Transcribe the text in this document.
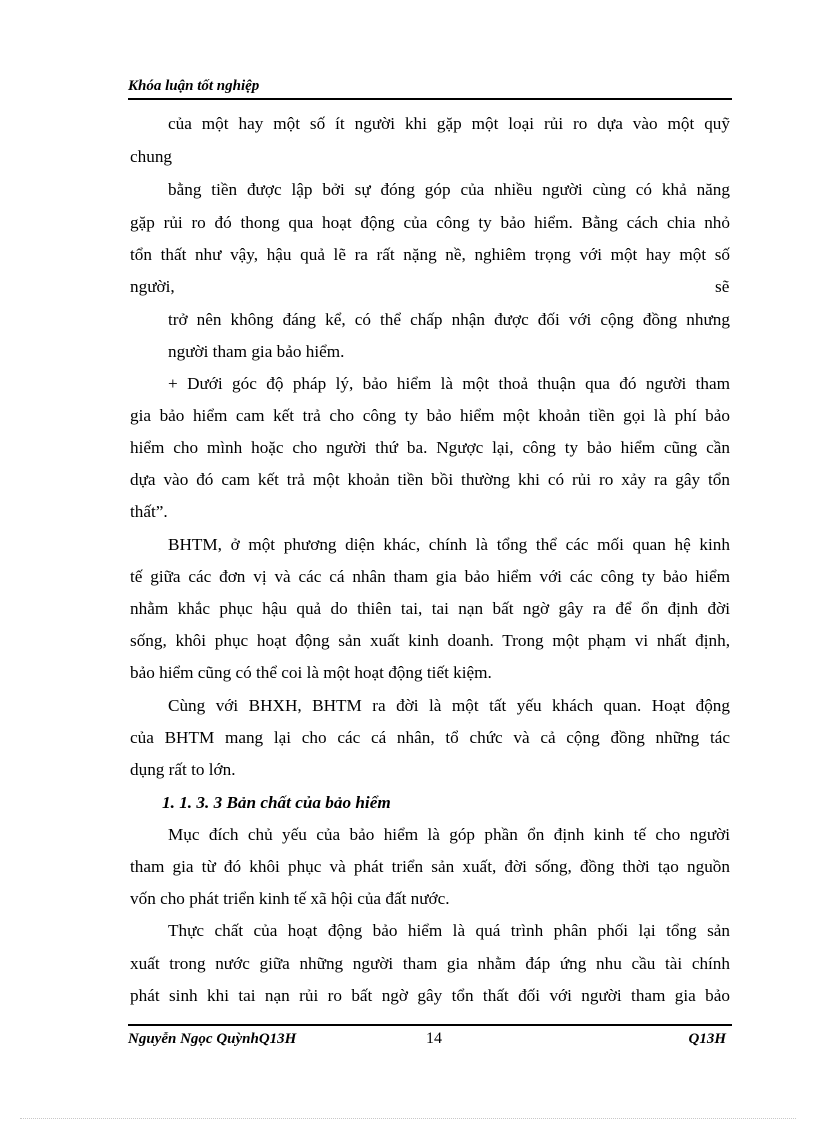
Khóa luận tốt nghiệp
của một hay một số ít người khi gặp một loại rủi ro dựa vào một quỹ
chung
bằng tiền được lập bởi sự đóng góp của nhiều người cùng có khả năng
gặp rủi ro đó thong qua hoạt động của công ty bảo hiểm. Bằng cách chia nhỏ
tổn thất như vậy, hậu quả lẽ ra rất nặng nề, nghiêm trọng với một hay một số
người,	sẽ
trở nên không đáng kể, có thể chấp nhận được đối với cộng đồng nhưng
người tham gia bảo hiểm.
+ Dưới góc độ pháp lý, bảo hiểm là một thoả thuận qua đó người tham
gia bảo hiểm cam kết trả cho công ty bảo hiểm một khoản tiền gọi là phí bảo
hiểm cho mình hoặc cho người thứ ba. Ngược lại, công ty bảo hiểm cũng cần
dựa vào đó cam kết trả một khoản tiền bồi thường khi có rủi ro xảy ra gây tổn
thất”.
BHTM, ở một phương diện khác, chính là tổng thể các mối quan hệ kinh
tế giữa các đơn vị và các cá nhân tham gia bảo hiểm với các công ty bảo hiểm
nhằm khắc phục hậu quả do thiên tai, tai nạn bất ngờ gây ra để ổn định đời
sống, khôi phục hoạt động sản xuất kinh doanh. Trong một phạm vi nhất định,
bảo hiểm cũng có thể coi là một hoạt động tiết kiệm.
Cùng với BHXH, BHTM ra đời là một tất yếu khách quan. Hoạt động
của BHTM mang lại cho các cá nhân, tổ chức và cả cộng đồng những tác
dụng rất to lớn.
1. 1. 3. 3 Bản chất của bảo hiểm
Mục đích chủ yếu của bảo hiểm là góp phần ổn định kinh tế cho người
tham gia từ đó khôi phục và phát triển sản xuất, đời sống, đồng thời tạo nguồn
vốn cho phát triển kinh tế xã hội của đất nước.
Thực chất của hoạt động bảo hiểm là quá trình phân phối lại tổng sản
xuất trong nước giữa những người tham gia nhằm đáp ứng nhu cầu tài chính
phát sinh khi tai nạn rủi ro bất ngờ gây tổn thất đối với người tham gia bảo
Nguyễn Ngọc QuỳnhQ13H	14	Q13H
